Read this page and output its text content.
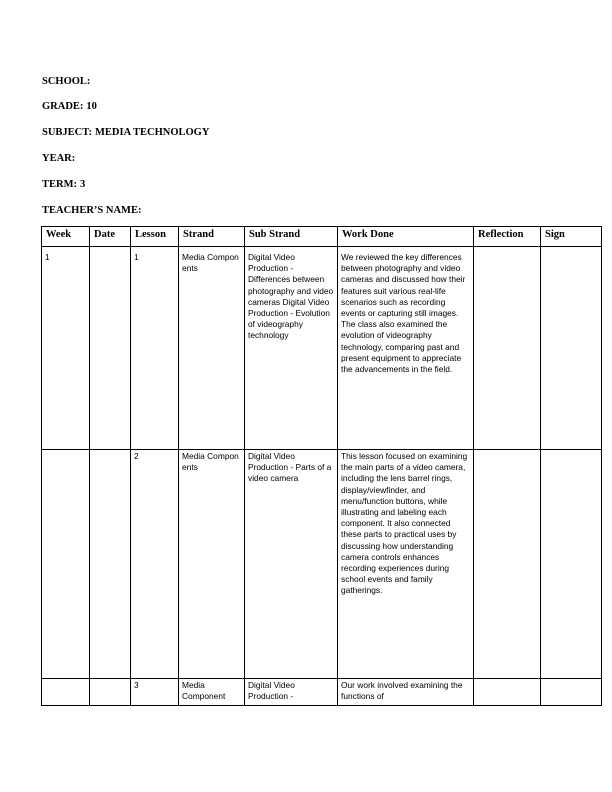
SCHOOL:
GRADE: 10
SUBJECT: MEDIA TECHNOLOGY
YEAR:
TERM: 3
TEACHER’S NAME:
Week	Date	Lesson	Strand	Sub Strand	Work Done	Reflection	Sign
1		1	Media Components	Digital Video Production - Differences between photography and video cameras Digital Video Production - Evolution of videography technology	We reviewed the key differences between photography and video cameras and discussed how their features suit various real-life scenarios such as recording events or capturing still images. The class also examined the evolution of videography technology, comparing past and present equipment to appreciate the advancements in the field.		
		2	Media Components	Digital Video Production - Parts of a video camera	This lesson focused on examining the main parts of a video camera, including the lens barrel rings, display/viewfinder, and menu/function buttons, while illustrating and labeling each component. It also connected these parts to practical uses by discussing how understanding camera controls enhances recording experiences during school events and family gatherings.		
		3	Media Component	Digital Video Production -	Our work involved examining the functions of		
